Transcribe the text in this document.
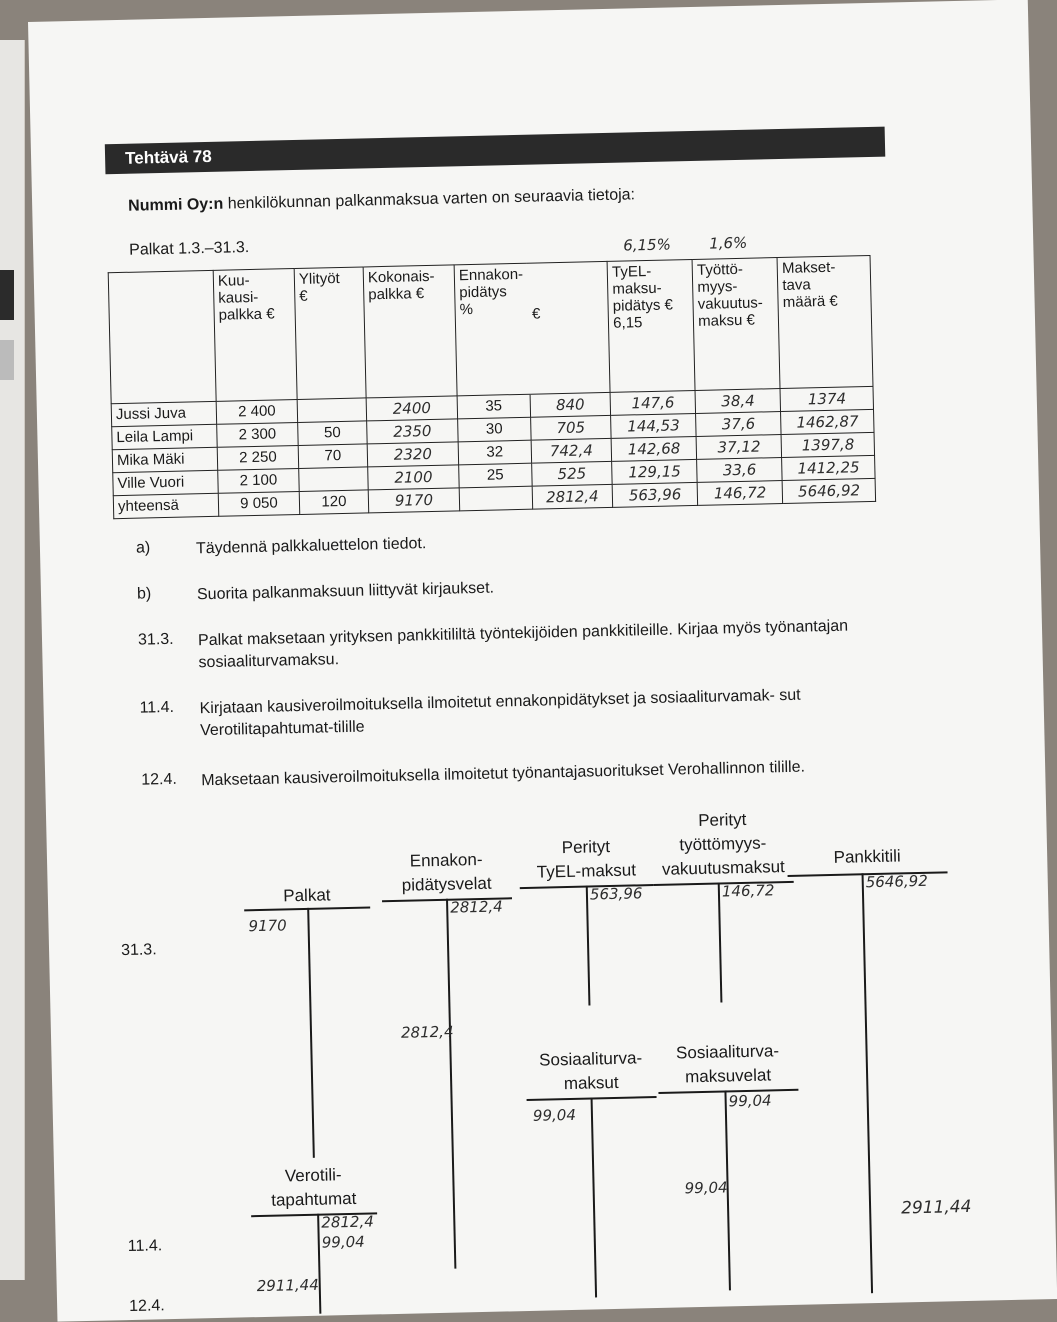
Tehtävä 78
Nummi Oy:n henkilökunnan palkanmaksua varten on seuraavia tietoja:
Palkat 1.3.–31.3.	6,15%	1,6%
	Kuu-
kausi-
palkka €	Ylityöt
€	Kokonais-
palkka €	Ennakon-
pidätys
%	€	TyEL-
maksu-
pidätys €
6,15	Työttö-
myys-
vakuutus-
maksu €	Makset-
tava
määrä €
Jussi Juva	2 400		2400	35	840	147,6	38,4	1374
Leila Lampi	2 300	50	2350	30	705	144,53	37,6	1462,87
Mika Mäki	2 250	70	2320	32	742,4	142,68	37,12	1397,8
Ville Vuori	2 100		2100	25	525	129,15	33,6	1412,25
yhteensä	9 050	120	9170		2812,4	563,96	146,72	5646,92
a)	Täydennä palkkaluettelon tiedot.
b)	Suorita palkanmaksuun liittyvät kirjaukset.
31.3.	Palkat maksetaan yrityksen pankkitililtä työntekijöiden pankkitileille. Kirjaa myös työnantajan sosiaaliturvamaksu.
11.4.	Kirjataan kausiveroilmoituksella ilmoitetut ennakonpidätykset ja sosiaaliturvamak- sut Verotilitapahtumat-tilille
12.4.	Maksetaan kausiveroilmoituksella ilmoitetut työnantajasuoritukset Verohallinnon tilille.
31.3.
11.4.
12.4.
Palkat
9170

Ennakon-
pidätysvelat

2812,4
2812,4

Perityt
TyEL-maksut

563,96

Perityt
työttömyys-
vakuutusmaksut

146,72
Pankkitili
5646,92
2911,44

Sosiaaliturva-
maksut

99,04

Sosiaaliturva-
maksuvelat

99,04
99,04

Verotili-
tapahtumat

2812,4
99,04
2911,44
